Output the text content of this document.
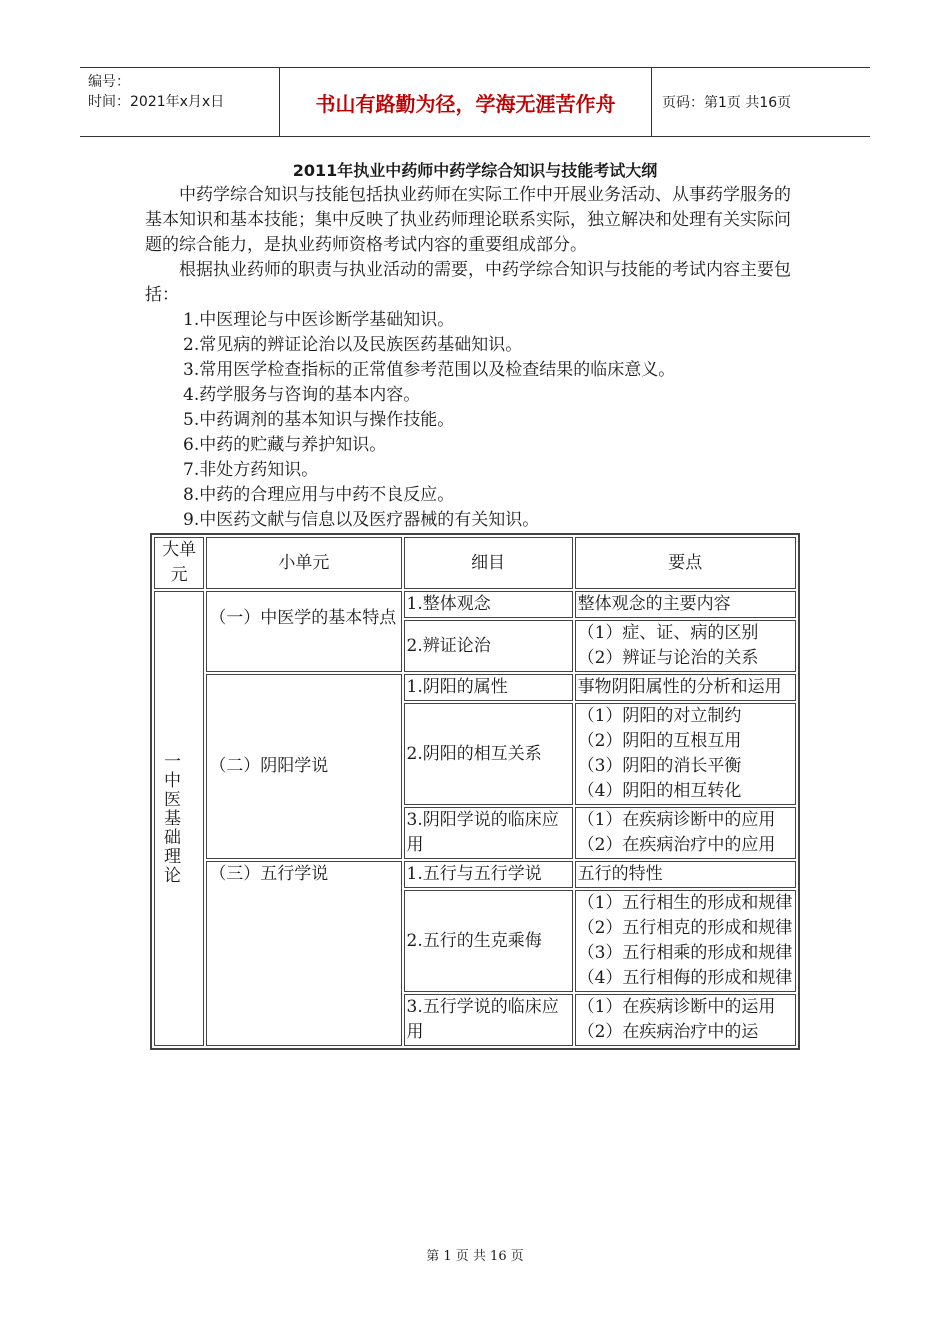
编号：
时间：2021年x月x日	书山有路勤为径，学海无涯苦作舟	页码：第1页 共16页
2011年执业中药师中药学综合知识与技能考试大纲

中药学综合知识与技能包括执业药师在实际工作中开展业务活动、从事药学服务的基本知识和基本技能；集中反映了执业药师理论联系实际，独立解决和处理有关实际问题的综合能力，是执业药师资格考试内容的重要组成部分。

根据执业药师的职责与执业活动的需要，中药学综合知识与技能的考试内容主要包括：

1.中医理论与中医诊断学基础知识。

2.常见病的辨证论治以及民族医药基础知识。

3.常用医学检查指标的正常值参考范围以及检查结果的临床意义。

4.药学服务与咨询的基本内容。

5.中药调剂的基本知识与操作技能。

6.中药的贮藏与养护知识。

7.非处方药知识。

8.中药的合理应用与中药不良反应。

9.中医药文献与信息以及医疗器械的有关知识。

大单元	小单元	细目	要点

一中医基础理论	（一）中医学的基本特点	1.整体观念	整体观念的主要内容
		2.辨证论治	（1）症、证、病的区别
（2）辨证与论治的关系
	（二）阴阳学说	1.阴阳的属性	事物阴阳属性的分析和运用
		2.阴阳的相互关系	（1）阴阳的对立制约
（2）阴阳的互根互用
（3）阴阳的消长平衡
（4）阴阳的相互转化
		3.阴阳学说的临床应用	（1）在疾病诊断中的应用
（2）在疾病治疗中的应用
	（三）五行学说	1.五行与五行学说	五行的特性
		2.五行的生克乘侮	（1）五行相生的形成和规律
（2）五行相克的形成和规律
（3）五行相乘的形成和规律
（4）五行相侮的形成和规律
		3.五行学说的临床应用	（1）在疾病诊断中的运用
（2）在疾病治疗中的运
第 1 页 共 16 页
